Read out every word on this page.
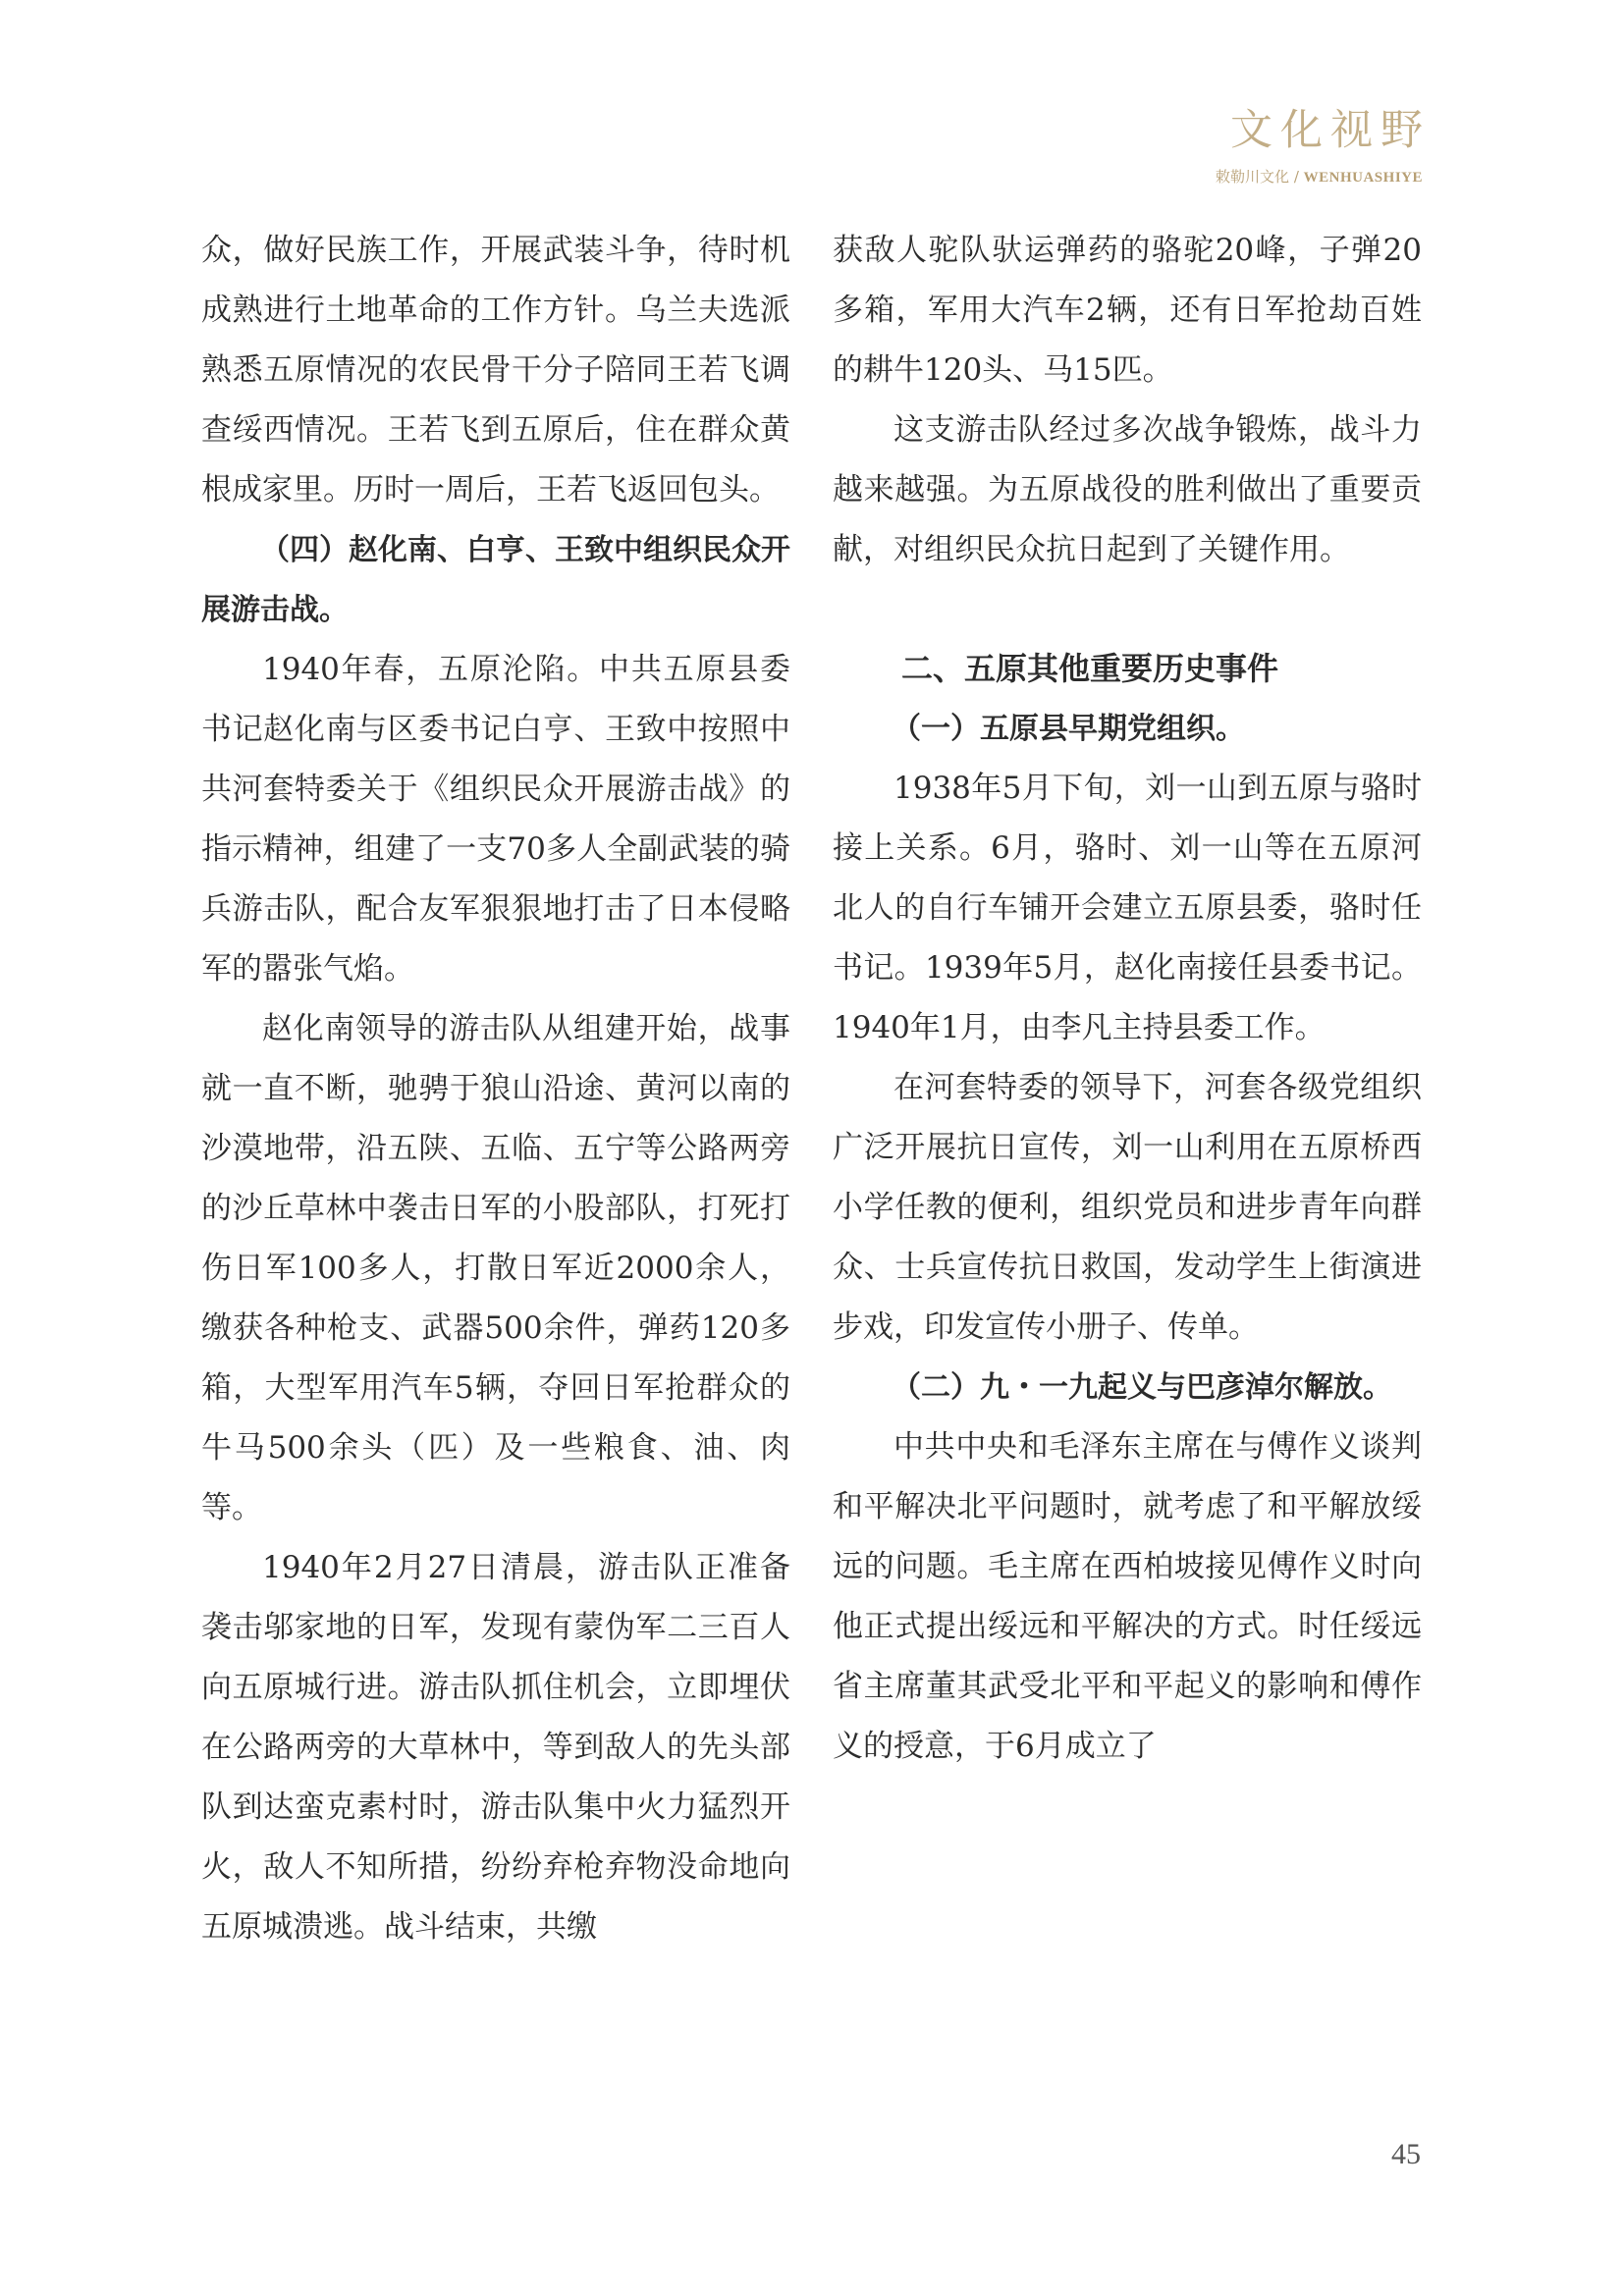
文化视野
敕勒川文化 / WENHUASHIYE

众，做好民族工作，开展武装斗争，待时机成熟进行土地革命的工作方针。乌兰夫选派熟悉五原情况的农民骨干分子陪同王若飞调查绥西情况。王若飞到五原后，住在群众黄根成家里。历时一周后，王若飞返回包头。

（四）赵化南、白亨、王致中组织民众开展游击战。

1940年春，五原沦陷。中共五原县委书记赵化南与区委书记白亨、王致中按照中共河套特委关于《组织民众开展游击战》的指示精神，组建了一支70多人全副武装的骑兵游击队，配合友军狠狠地打击了日本侵略军的嚣张气焰。

赵化南领导的游击队从组建开始，战事就一直不断，驰骋于狼山沿途、黄河以南的沙漠地带，沿五陕、五临、五宁等公路两旁的沙丘草林中袭击日军的小股部队，打死打伤日军100多人，打散日军近2000余人，缴获各种枪支、武器500余件，弹药120多箱，大型军用汽车5辆，夺回日军抢群众的牛马500余头（匹）及一些粮食、油、肉等。

1940年2月27日清晨，游击队正准备袭击邬家地的日军，发现有蒙伪军二三百人向五原城行进。游击队抓住机会，立即埋伏在公路两旁的大草林中，等到敌人的先头部队到达蛮克素村时，游击队集中火力猛烈开火，敌人不知所措，纷纷弃枪弃物没命地向五原城溃逃。战斗结束，共缴

获敌人驼队驮运弹药的骆驼20峰，子弹20多箱，军用大汽车2辆，还有日军抢劫百姓的耕牛120头、马15匹。

这支游击队经过多次战争锻炼，战斗力越来越强。为五原战役的胜利做出了重要贡献，对组织民众抗日起到了关键作用。

二、五原其他重要历史事件

（一）五原县早期党组织。

1938年5月下旬，刘一山到五原与骆时接上关系。6月，骆时、刘一山等在五原河北人的自行车铺开会建立五原县委，骆时任书记。1939年5月，赵化南接任县委书记。1940年1月，由李凡主持县委工作。

在河套特委的领导下，河套各级党组织广泛开展抗日宣传，刘一山利用在五原桥西小学任教的便利，组织党员和进步青年向群众、士兵宣传抗日救国，发动学生上街演进步戏，印发宣传小册子、传单。

（二）九・一九起义与巴彦淖尔解放。

中共中央和毛泽东主席在与傅作义谈判和平解决北平问题时，就考虑了和平解放绥远的问题。毛主席在西柏坡接见傅作义时向他正式提出绥远和平解决的方式。时任绥远省主席董其武受北平和平起义的影响和傅作义的授意，于6月成立了

45
